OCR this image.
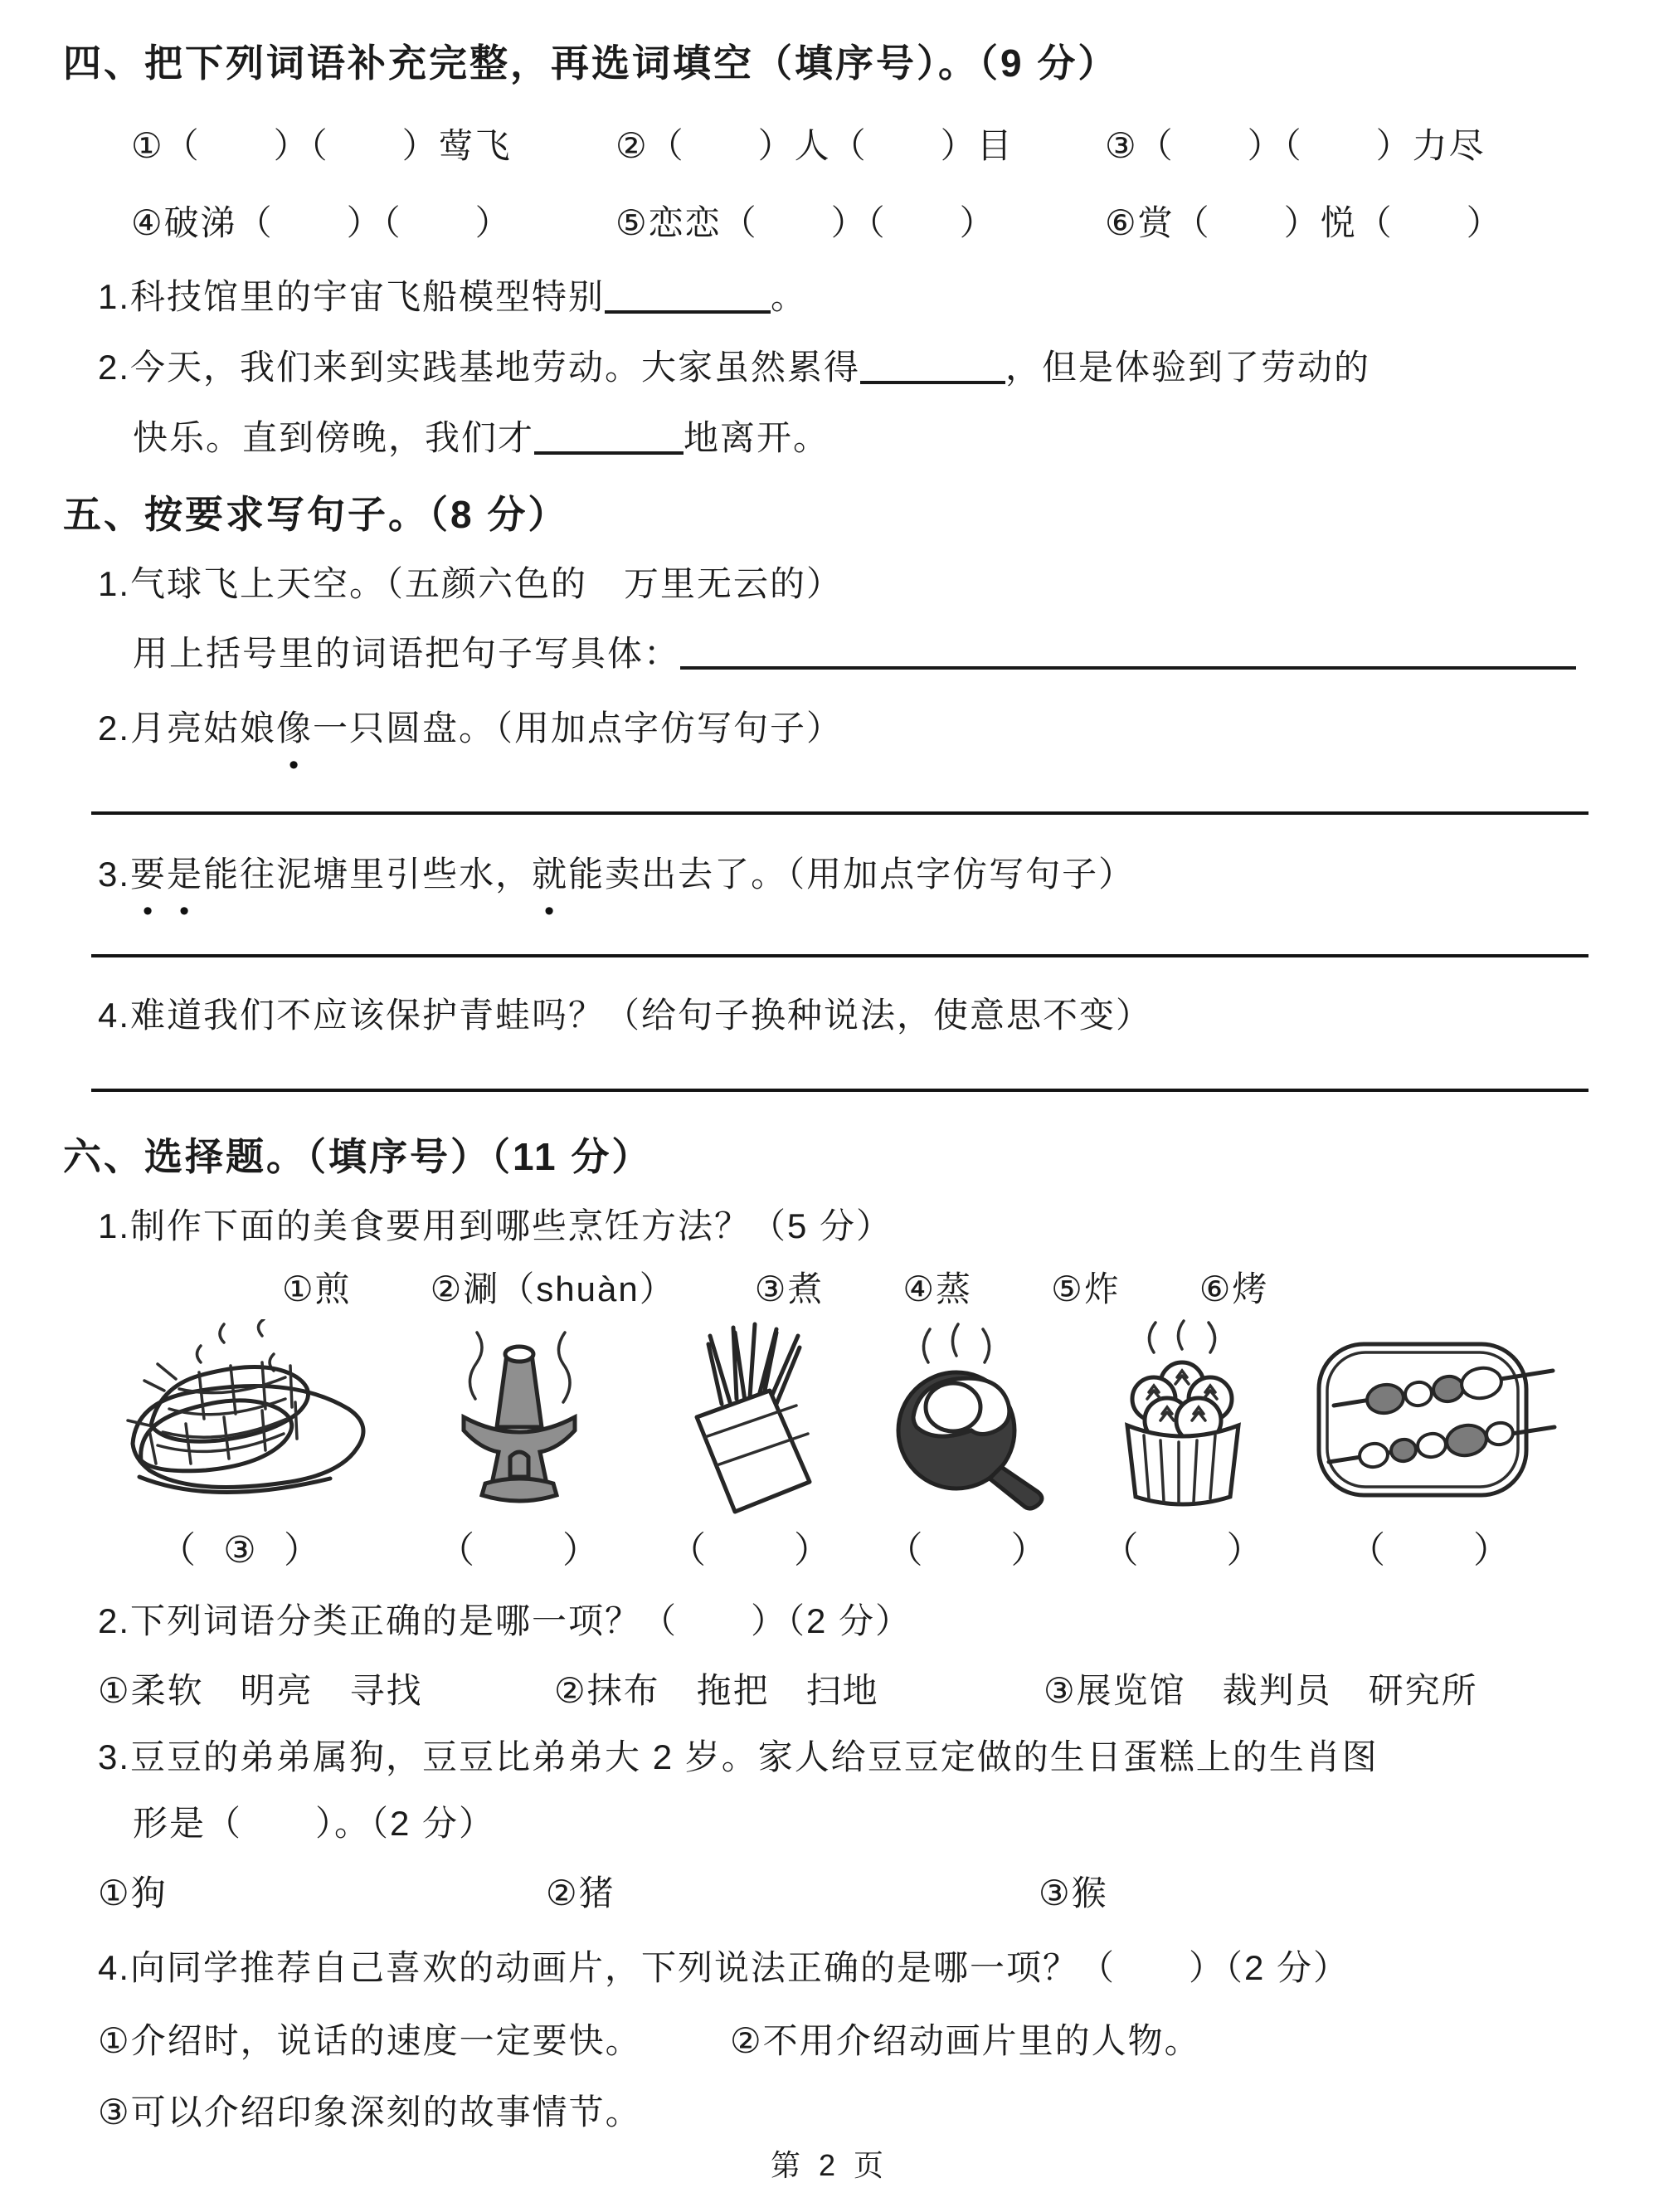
四、把下列词语补充完整，再选词填空（填序号）。（9 分）
①（　　）（　　）莺飞	②（　　）人（　　）目	③（　　）（　　）力尽
④破涕（　　）（　　）	⑤恋恋（　　）（　　）	⑥赏（　　）悦（　　）
1.科技馆里的宇宙飞船模型特别	。
2.今天，我们来到实践基地劳动。大家虽然累得	，但是体验到了劳动的
快乐。直到傍晚，我们才	地离开。
五、按要求写句子。（8 分）
1.气球飞上天空。（五颜六色的　万里无云的）
用上括号里的词语把句子写具体：
2.月亮姑娘像一只圆盘。（用加点字仿写句子）
3.要是能往泥塘里引些水，就能卖出去了。（用加点字仿写句子）
4.难道我们不应该保护青蛙吗？（给句子换种说法，使意思不变）
六、选择题。（填序号）（11 分）
1.制作下面的美食要用到哪些烹饪方法？（5 分）
①煎 ②涮（shuàn） ③煮 ④蒸 ⑤炸 ⑥烤
（ ③ ）	（ ）	（ ）	（ ）	（ ）	（ ）
2.下列词语分类正确的是哪一项？（　　）（2 分）
①柔软　明亮　寻找	②抹布　拖把　扫地	③展览馆　裁判员　研究所
3.豆豆的弟弟属狗，豆豆比弟弟大 2 岁。家人给豆豆定做的生日蛋糕上的生肖图
形是（　　）。（2 分）
①狗	②猪	③猴
4.向同学推荐自己喜欢的动画片，下列说法正确的是哪一项？（　　）（2 分）
①介绍时，说话的速度一定要快。	②不用介绍动画片里的人物。
③可以介绍印象深刻的故事情节。
第 2 页
